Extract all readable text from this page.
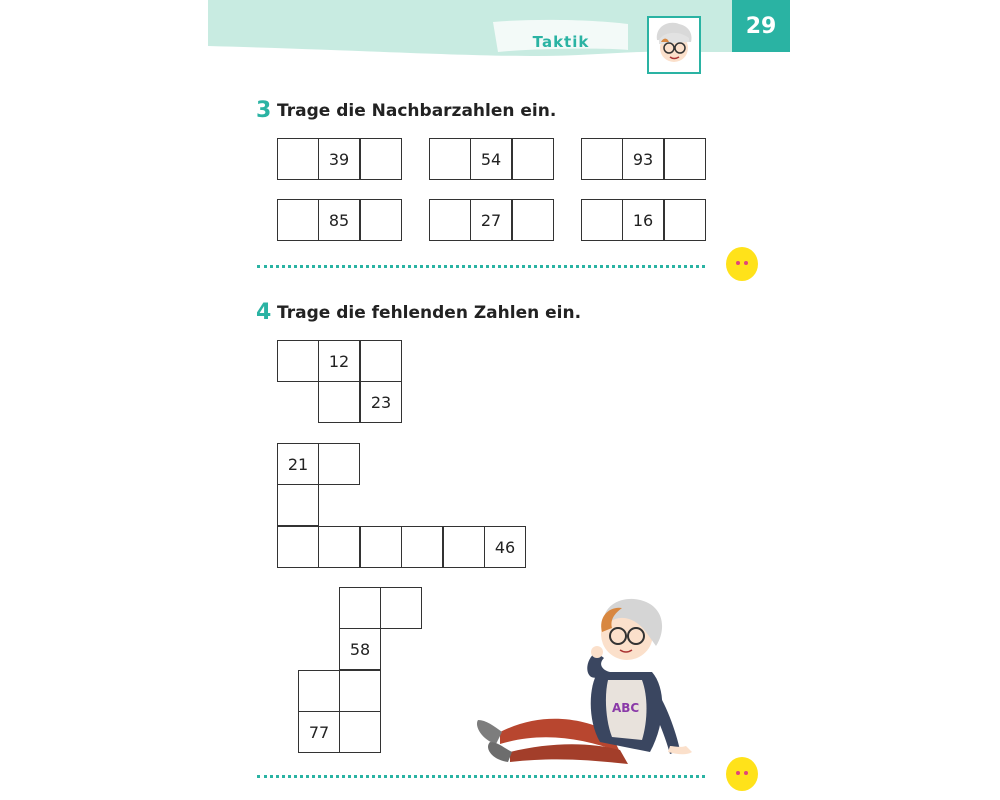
29
Taktik
3 Trage die Nachbarzahlen ein.
39	54	93
85	27	16
4 Trage die fehlenden Zahlen ein.
12
23
21
46
58
77
ABC
